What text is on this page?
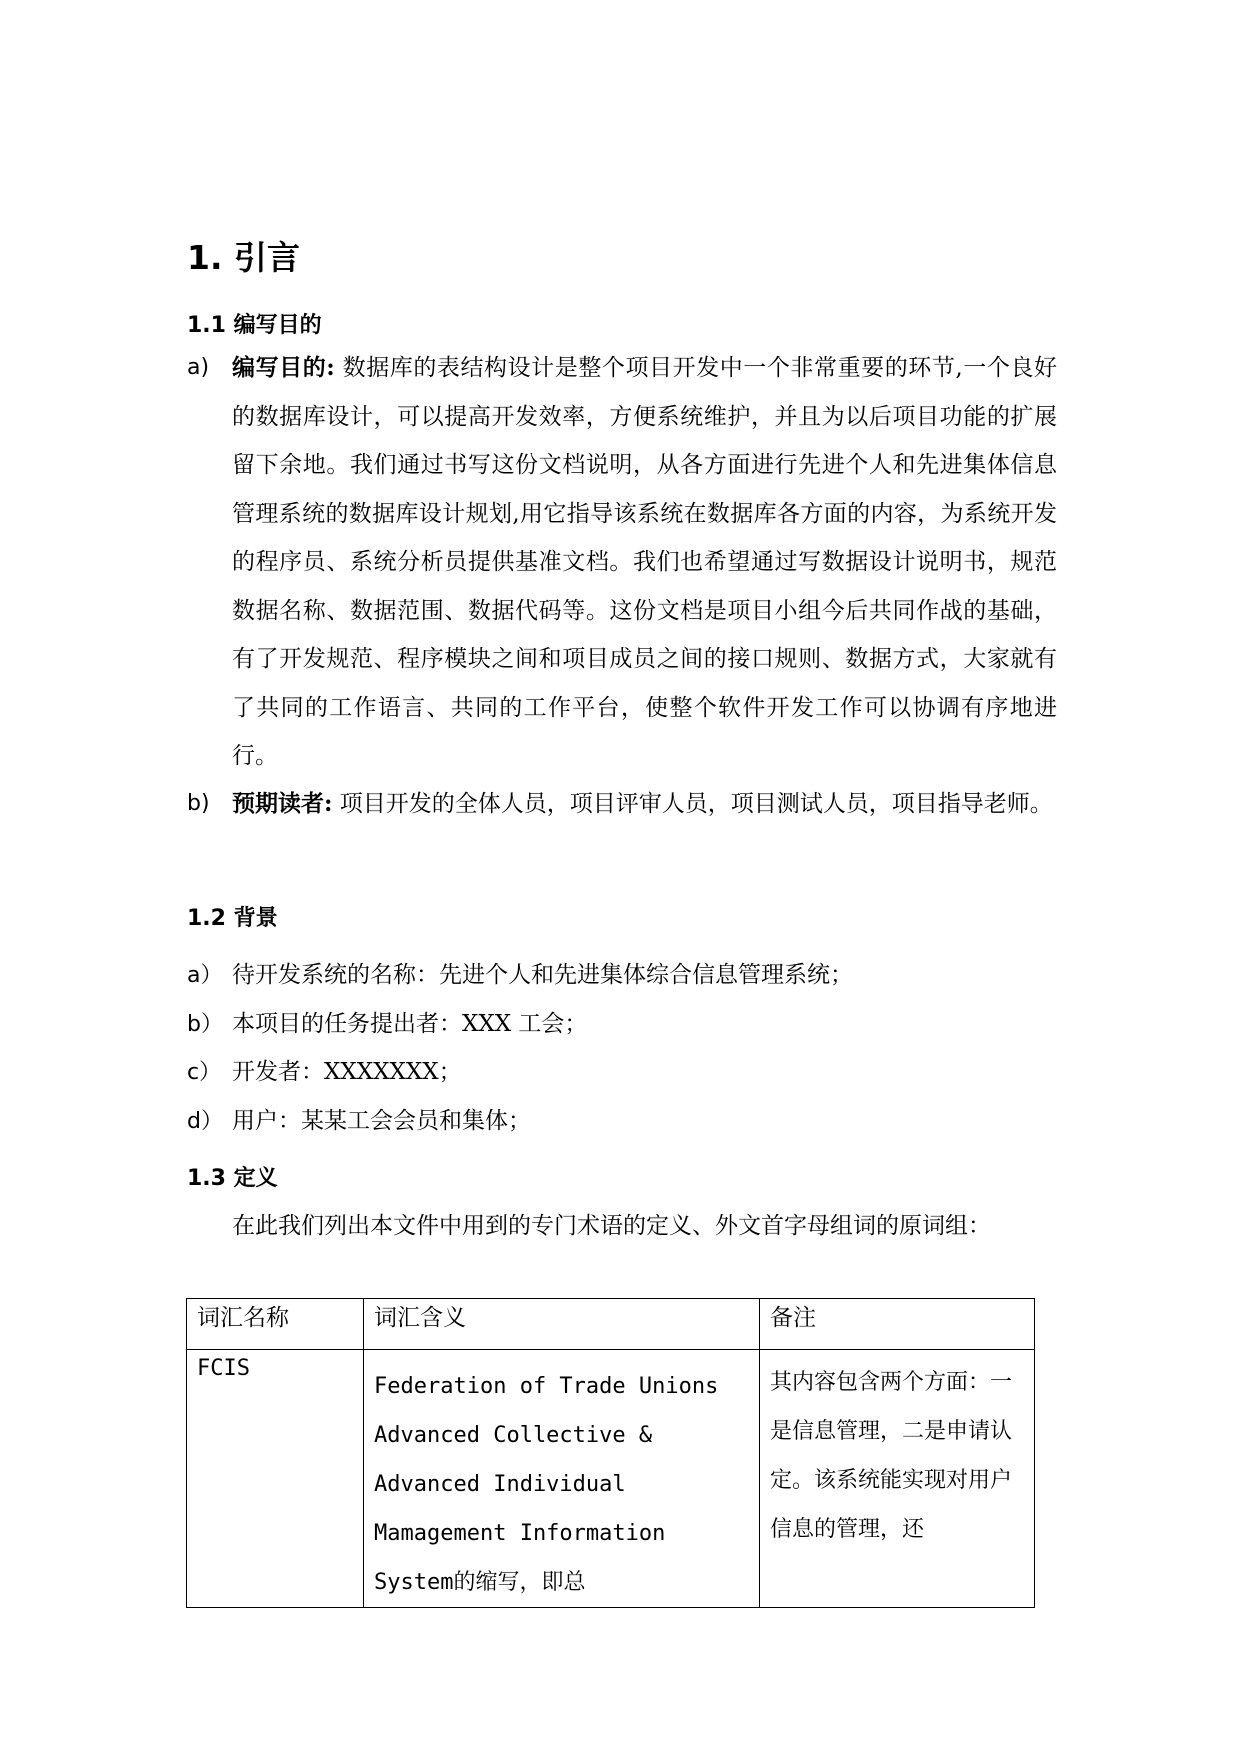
1. 引言
1.1 编写目的
a) 编写目的: 数据库的表结构设计是整个项目开发中一个非常重要的环节,一个良好的数据库设计，可以提高开发效率，方便系统维护，并且为以后项目功能的扩展留下余地。我们通过书写这份文档说明，从各方面进行先进个人和先进集体信息管理系统的数据库设计规划,用它指导该系统在数据库各方面的内容，为系统开发的程序员、系统分析员提供基准文档。我们也希望通过写数据设计说明书，规范数据名称、数据范围、数据代码等。这份文档是项目小组今后共同作战的基础，有了开发规范、程序模块之间和项目成员之间的接口规则、数据方式，大家就有了共同的工作语言、共同的工作平台，使整个软件开发工作可以协调有序地进行。
b) 预期读者: 项目开发的全体人员，项目评审人员，项目测试人员，项目指导老师。
1.2 背景
a） 待开发系统的名称：先进个人和先进集体综合信息管理系统；
b） 本项目的任务提出者：XXX 工会；
c） 开发者：XXXXXXX；
d） 用户：某某工会会员和集体；
1.3 定义
在此我们列出本文件中用到的专门术语的定义、外文首字母组词的原词组：
词汇名称	词汇含义	备注
FCIS	Federation of Trade Unions Advanced Collective & Advanced Individual Mamagement Information System的缩写，即总	其内容包含两个方面：一是信息管理，二是申请认定。该系统能实现对用户信息的管理，还
